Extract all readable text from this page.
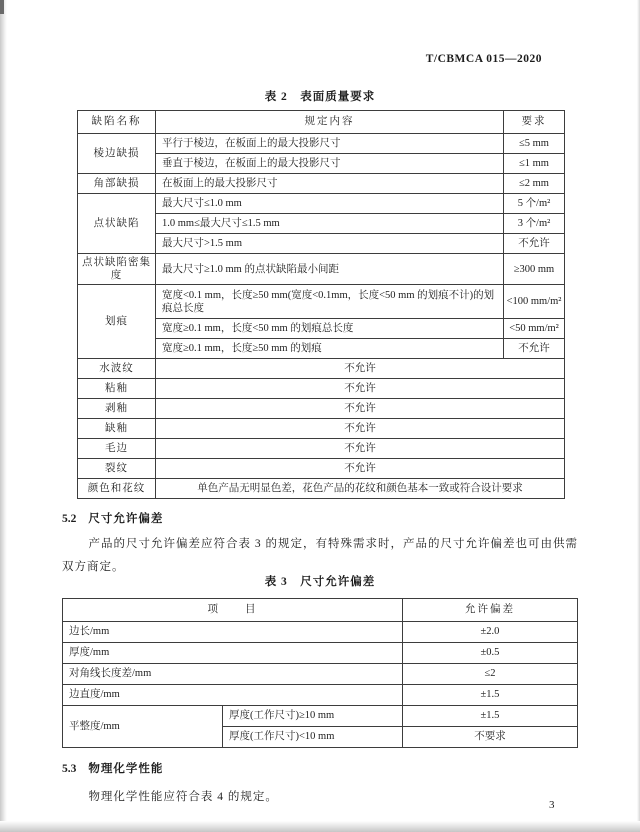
T/CBMCA 015—2020
表 2　表面质量要求
缺陷名称	规定内容	要求
棱边缺损	平行于棱边，在板面上的最大投影尺寸	≤5 mm
	垂直于棱边，在板面上的最大投影尺寸	≤1 mm
角部缺损	在板面上的最大投影尺寸	≤2 mm
点状缺陷	最大尺寸≤1.0 mm	5 个/m²
	1.0 mm≤最大尺寸≤1.5 mm	3 个/m²
	最大尺寸>1.5 mm	不允许
点状缺陷密集度	最大尺寸≥1.0 mm 的点状缺陷最小间距	≥300 mm
划痕	宽度<0.1 mm，长度≥50 mm(宽度<0.1mm，长度<50 mm 的划痕不计)的划痕总长度	<100 mm/m²
	宽度≥0.1 mm，长度<50 mm 的划痕总长度	<50 mm/m²
	宽度≥0.1 mm，长度≥50 mm 的划痕	不允许
水波纹	不允许	
粘釉	不允许	
剥釉	不允许	
缺釉	不允许	
毛边	不允许	
裂纹	不允许	
颜色和花纹	单色产品无明显色差，花色产品的花纹和颜色基本一致或符合设计要求	
5.2 尺寸允许偏差
产品的尺寸允许偏差应符合表 3 的规定，有特殊需求时，产品的尺寸允许偏差也可由供需双方商定。
表 3　尺寸允许偏差
项　　目		允许偏差
边长/mm		±2.0
厚度/mm		±0.5
对角线长度差/mm		≤2
边直度/mm		±1.5
平整度/mm	厚度(工作尺寸)≥10 mm	±1.5
	厚度(工作尺寸)<10 mm	不要求
5.3 物理化学性能
物理化学性能应符合表 4 的规定。
3
